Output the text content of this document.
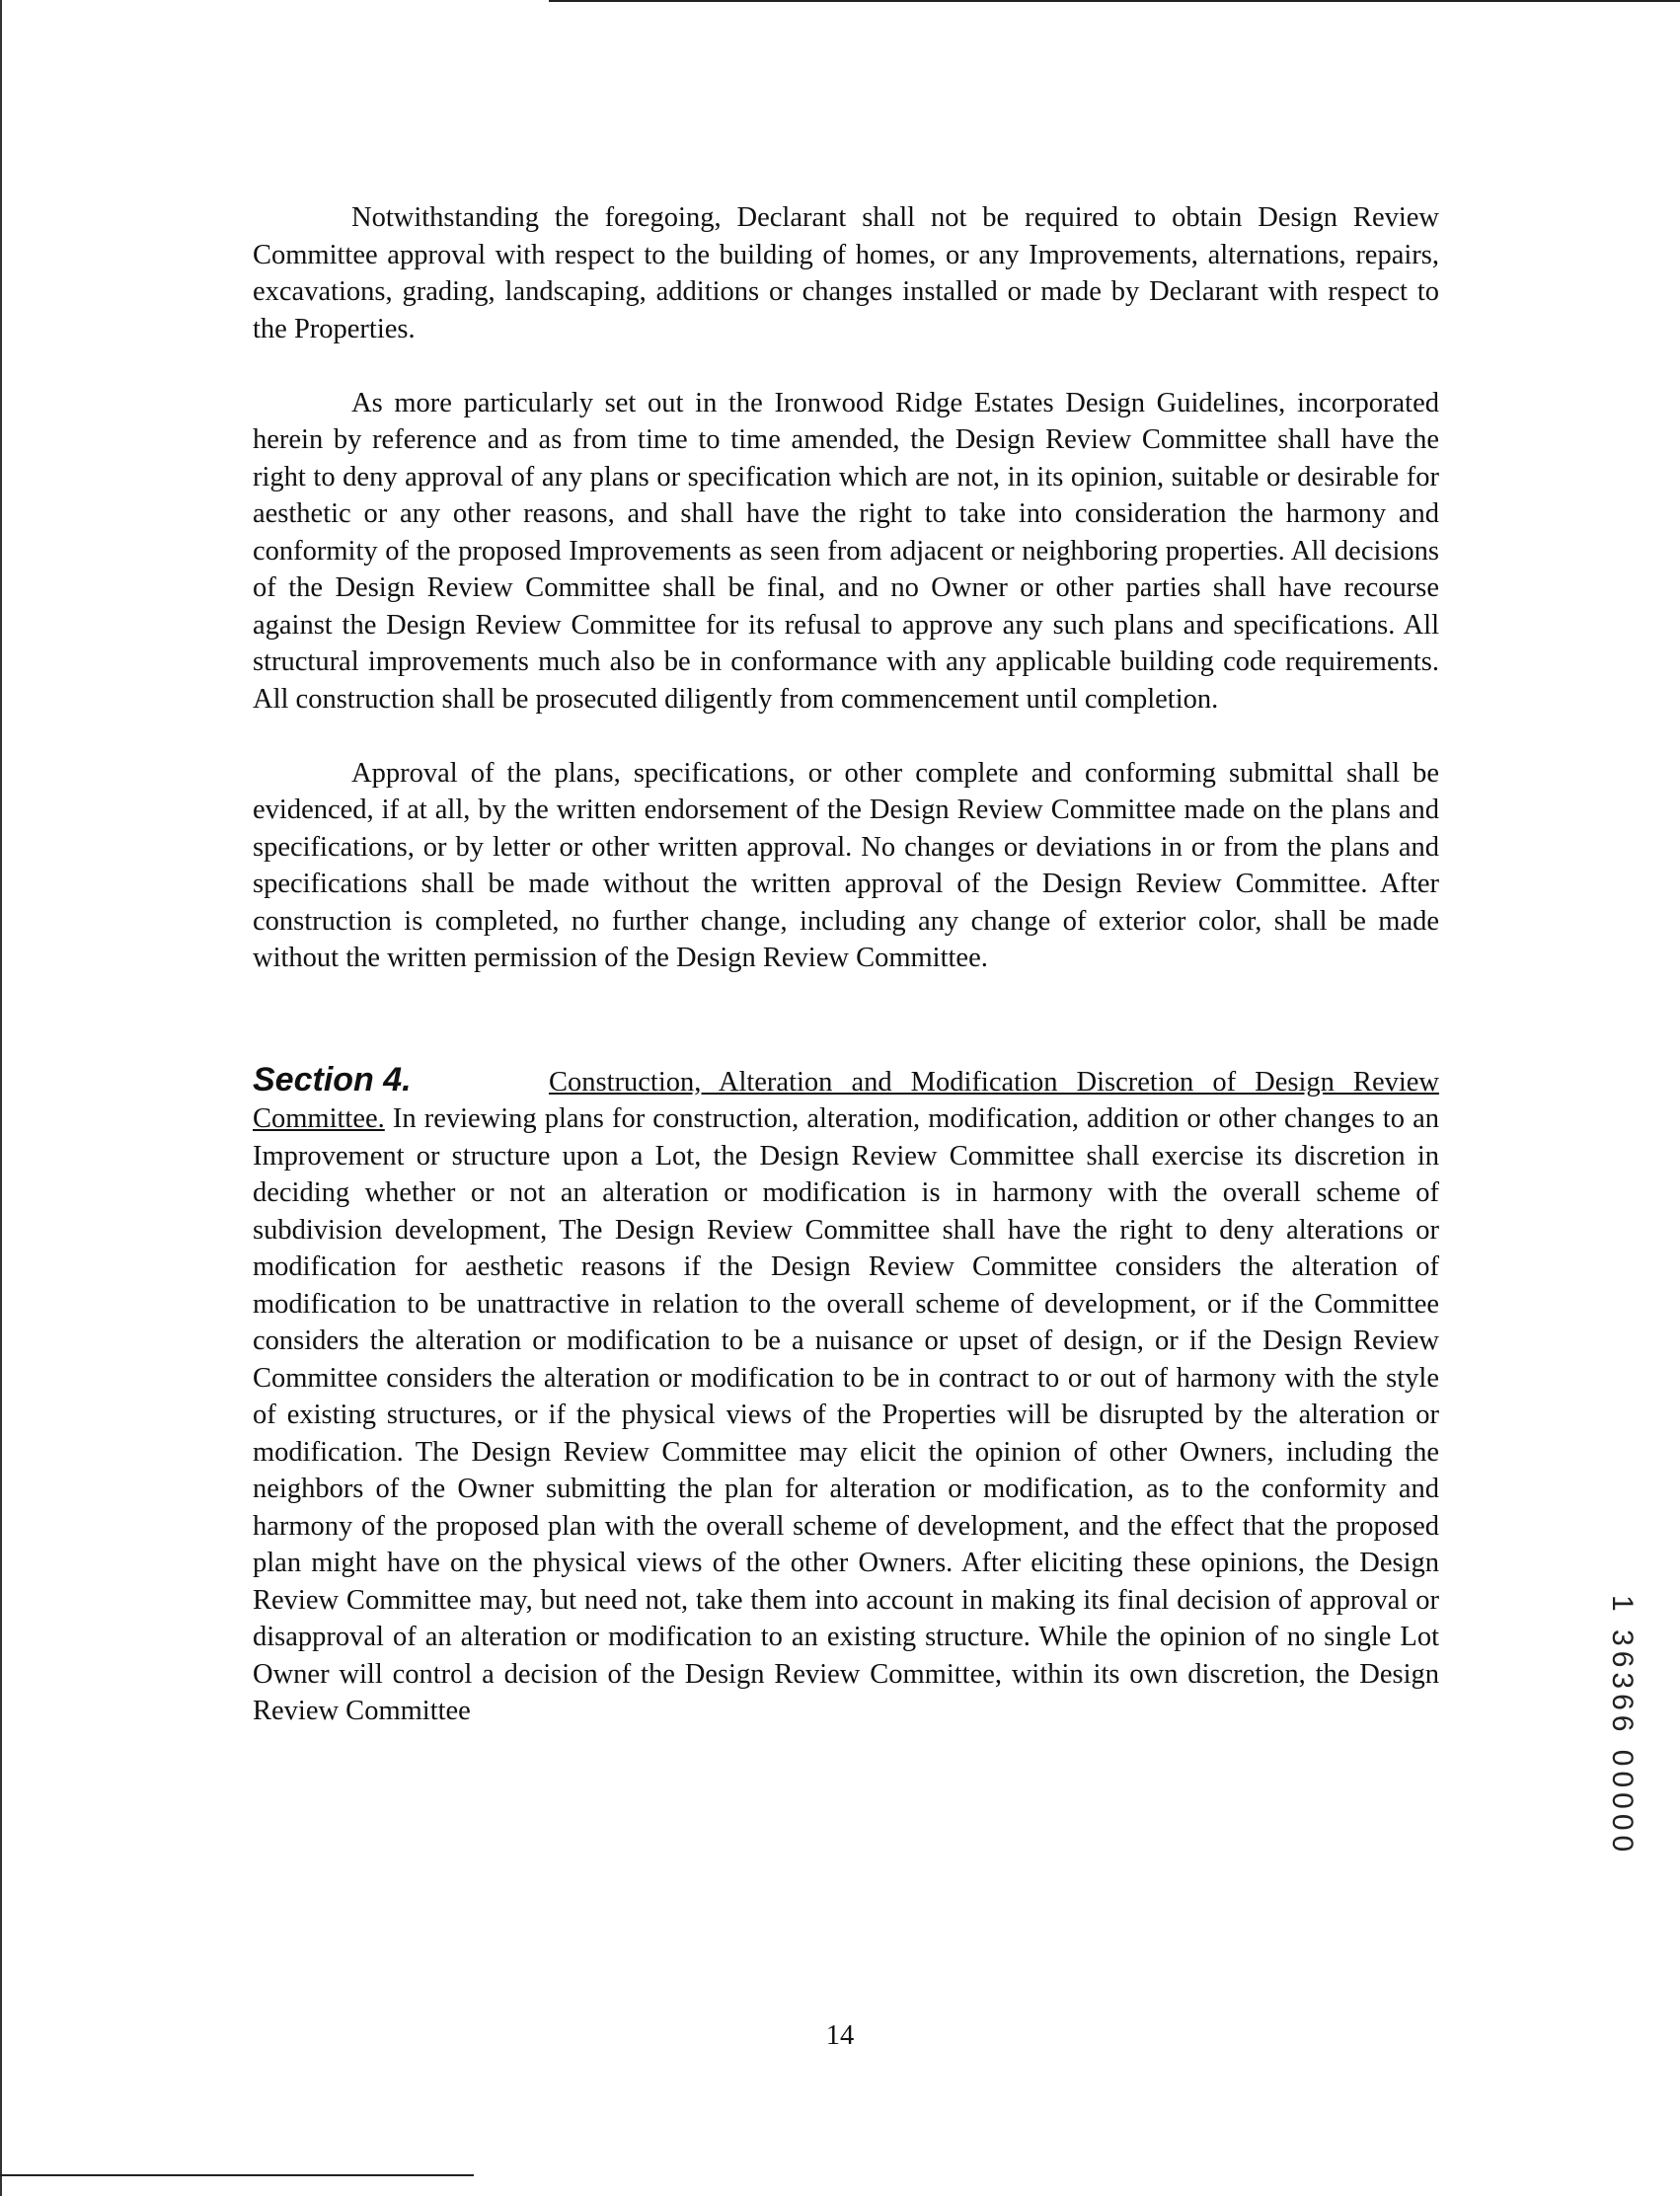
Notwithstanding the foregoing, Declarant shall not be required to obtain Design Review Committee approval with respect to the building of homes, or any Improvements, alternations, repairs, excavations, grading, landscaping, additions or changes installed or made by Declarant with respect to the Properties.

As more particularly set out in the Ironwood Ridge Estates Design Guidelines, incorporated herein by reference and as from time to time amended, the Design Review Committee shall have the right to deny approval of any plans or specification which are not, in its opinion, suitable or desirable for aesthetic or any other reasons, and shall have the right to take into consideration the harmony and conformity of the proposed Improvements as seen from adjacent or neighboring properties. All decisions of the Design Review Committee shall be final, and no Owner or other parties shall have recourse against the Design Review Committee for its refusal to approve any such plans and specifications. All structural improvements much also be in conformance with any applicable building code requirements. All construction shall be prosecuted diligently from commencement until completion.

Approval of the plans, specifications, or other complete and conforming submittal shall be evidenced, if at all, by the written endorsement of the Design Review Committee made on the plans and specifications, or by letter or other written approval. No changes or deviations in or from the plans and specifications shall be made without the written approval of the Design Review Committee. After construction is completed, no further change, including any change of exterior color, shall be made without the written permission of the Design Review Committee.

Section 4.	Construction, Alteration and Modification Discretion of Design Review Committee. In reviewing plans for construction, alteration, modification, addition or other changes to an Improvement or structure upon a Lot, the Design Review Committee shall exercise its discretion in deciding whether or not an alteration or modification is in harmony with the overall scheme of subdivision development, The Design Review Committee shall have the right to deny alterations or modification for aesthetic reasons if the Design Review Committee considers the alteration of modification to be unattractive in relation to the overall scheme of development, or if the Committee considers the alteration or modification to be a nuisance or upset of design, or if the Design Review Committee considers the alteration or modification to be in contract to or out of harmony with the style of existing structures, or if the physical views of the Properties will be disrupted by the alteration or modification. The Design Review Committee may elicit the opinion of other Owners, including the neighbors of the Owner submitting the plan for alteration or modification, as to the conformity and harmony of the proposed plan with the overall scheme of development, and the effect that the proposed plan might have on the physical views of the other Owners. After eliciting these opinions, the Design Review Committee may, but need not, take them into account in making its final decision of approval or disapproval of an alteration or modification to an existing structure. While the opinion of no single Lot Owner will control a decision of the Design Review Committee, within its own discretion, the Design Review Committee
14
1 36366 00000
